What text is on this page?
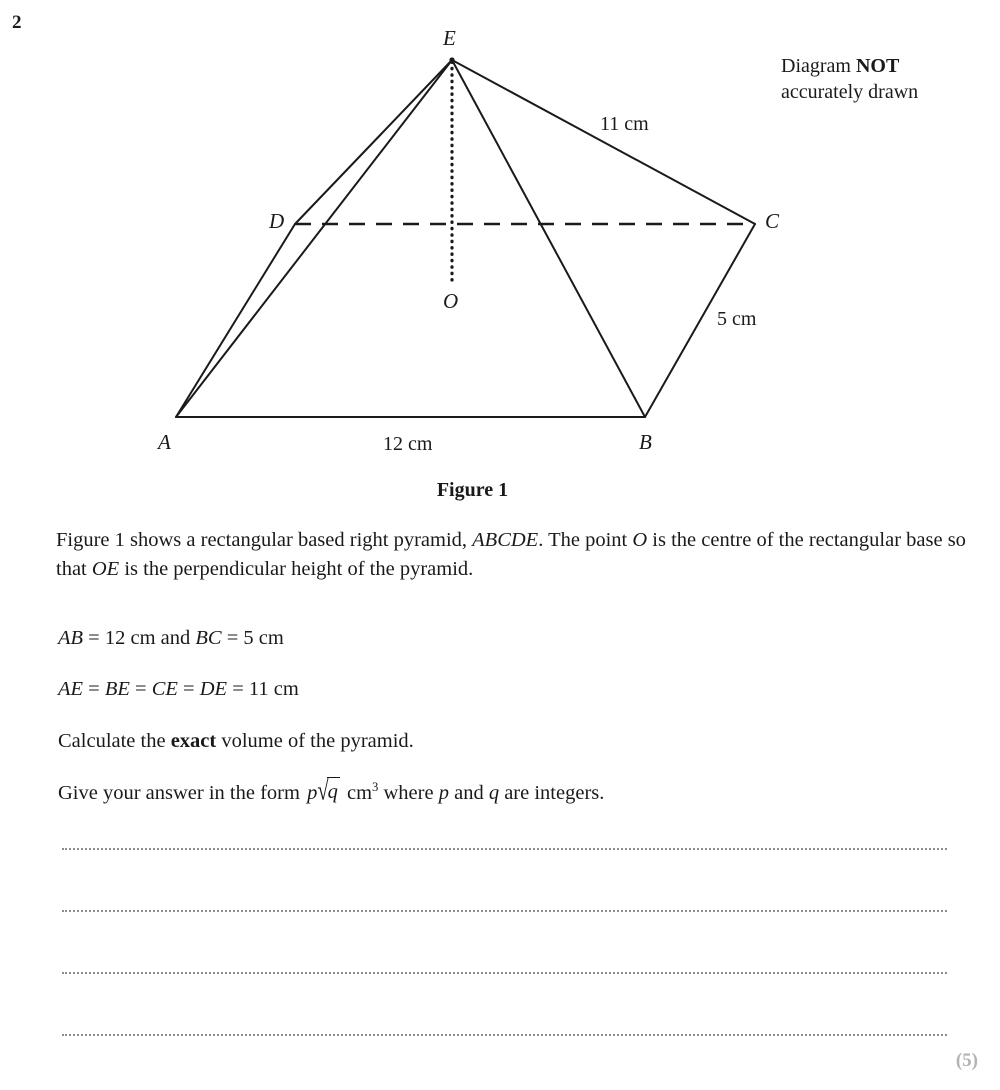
2
E
D	C
O
A	B
11 cm
12 cm
5 cm
Diagram NOT
accurately drawn
Figure 1
Figure 1 shows a rectangular based right pyramid, ABCDE. The point O is the centre of the rectangular base so that OE is the perpendicular height of the pyramid.
AB = 12 cm and BC = 5 cm
AE = BE = CE = DE = 11 cm
Calculate the exact volume of the pyramid.
Give your answer in the form p√q $cm^3$ where p and q are integers.
(5)
